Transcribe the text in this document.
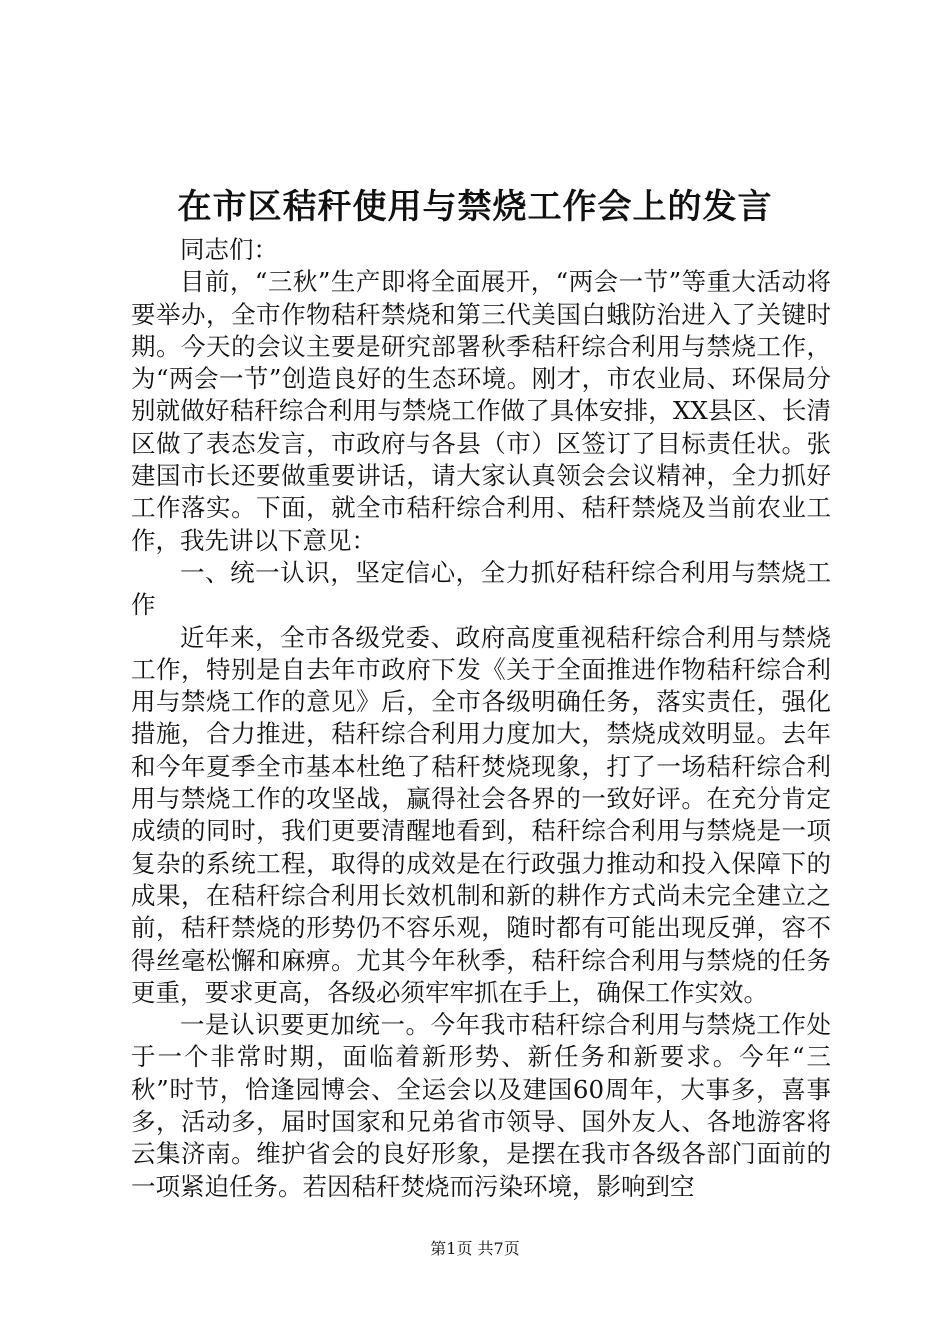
在市区秸秆使用与禁烧工作会上的发言

同志们：

目前，“三秋”生产即将全面展开，“两会一节”等重大活动将要举办，全市作物秸秆禁烧和第三代美国白蛾防治进入了关键时期。今天的会议主要是研究部署秋季秸秆综合利用与禁烧工作，为“两会一节”创造良好的生态环境。刚才，市农业局、环保局分别就做好秸秆综合利用与禁烧工作做了具体安排，XX县区、长清区做了表态发言，市政府与各县（市）区签订了目标责任状。张建国市长还要做重要讲话，请大家认真领会会议精神，全力抓好工作落实。下面，就全市秸秆综合利用、秸秆禁烧及当前农业工作，我先讲以下意见：

一、统一认识，坚定信心，全力抓好秸秆综合利用与禁烧工作

近年来，全市各级党委、政府高度重视秸秆综合利用与禁烧工作，特别是自去年市政府下发《关于全面推进作物秸秆综合利用与禁烧工作的意见》后，全市各级明确任务，落实责任，强化措施，合力推进，秸秆综合利用力度加大，禁烧成效明显。去年和今年夏季全市基本杜绝了秸秆焚烧现象，打了一场秸秆综合利用与禁烧工作的攻坚战，赢得社会各界的一致好评。在充分肯定成绩的同时，我们更要清醒地看到，秸秆综合利用与禁烧是一项复杂的系统工程，取得的成效是在行政强力推动和投入保障下的成果，在秸秆综合利用长效机制和新的耕作方式尚未完全建立之前，秸秆禁烧的形势仍不容乐观，随时都有可能出现反弹，容不得丝毫松懈和麻痹。尤其今年秋季，秸秆综合利用与禁烧的任务更重，要求更高，各级必须牢牢抓在手上，确保工作实效。

一是认识要更加统一。今年我市秸秆综合利用与禁烧工作处于一个非常时期，面临着新形势、新任务和新要求。今年“三秋”时节，恰逢园博会、全运会以及建国60周年，大事多，喜事多，活动多，届时国家和兄弟省市领导、国外友人、各地游客将云集济南。维护省会的良好形象，是摆在我市各级各部门面前的一项紧迫任务。若因秸秆焚烧而污染环境，影响到空

第1页 共7页
